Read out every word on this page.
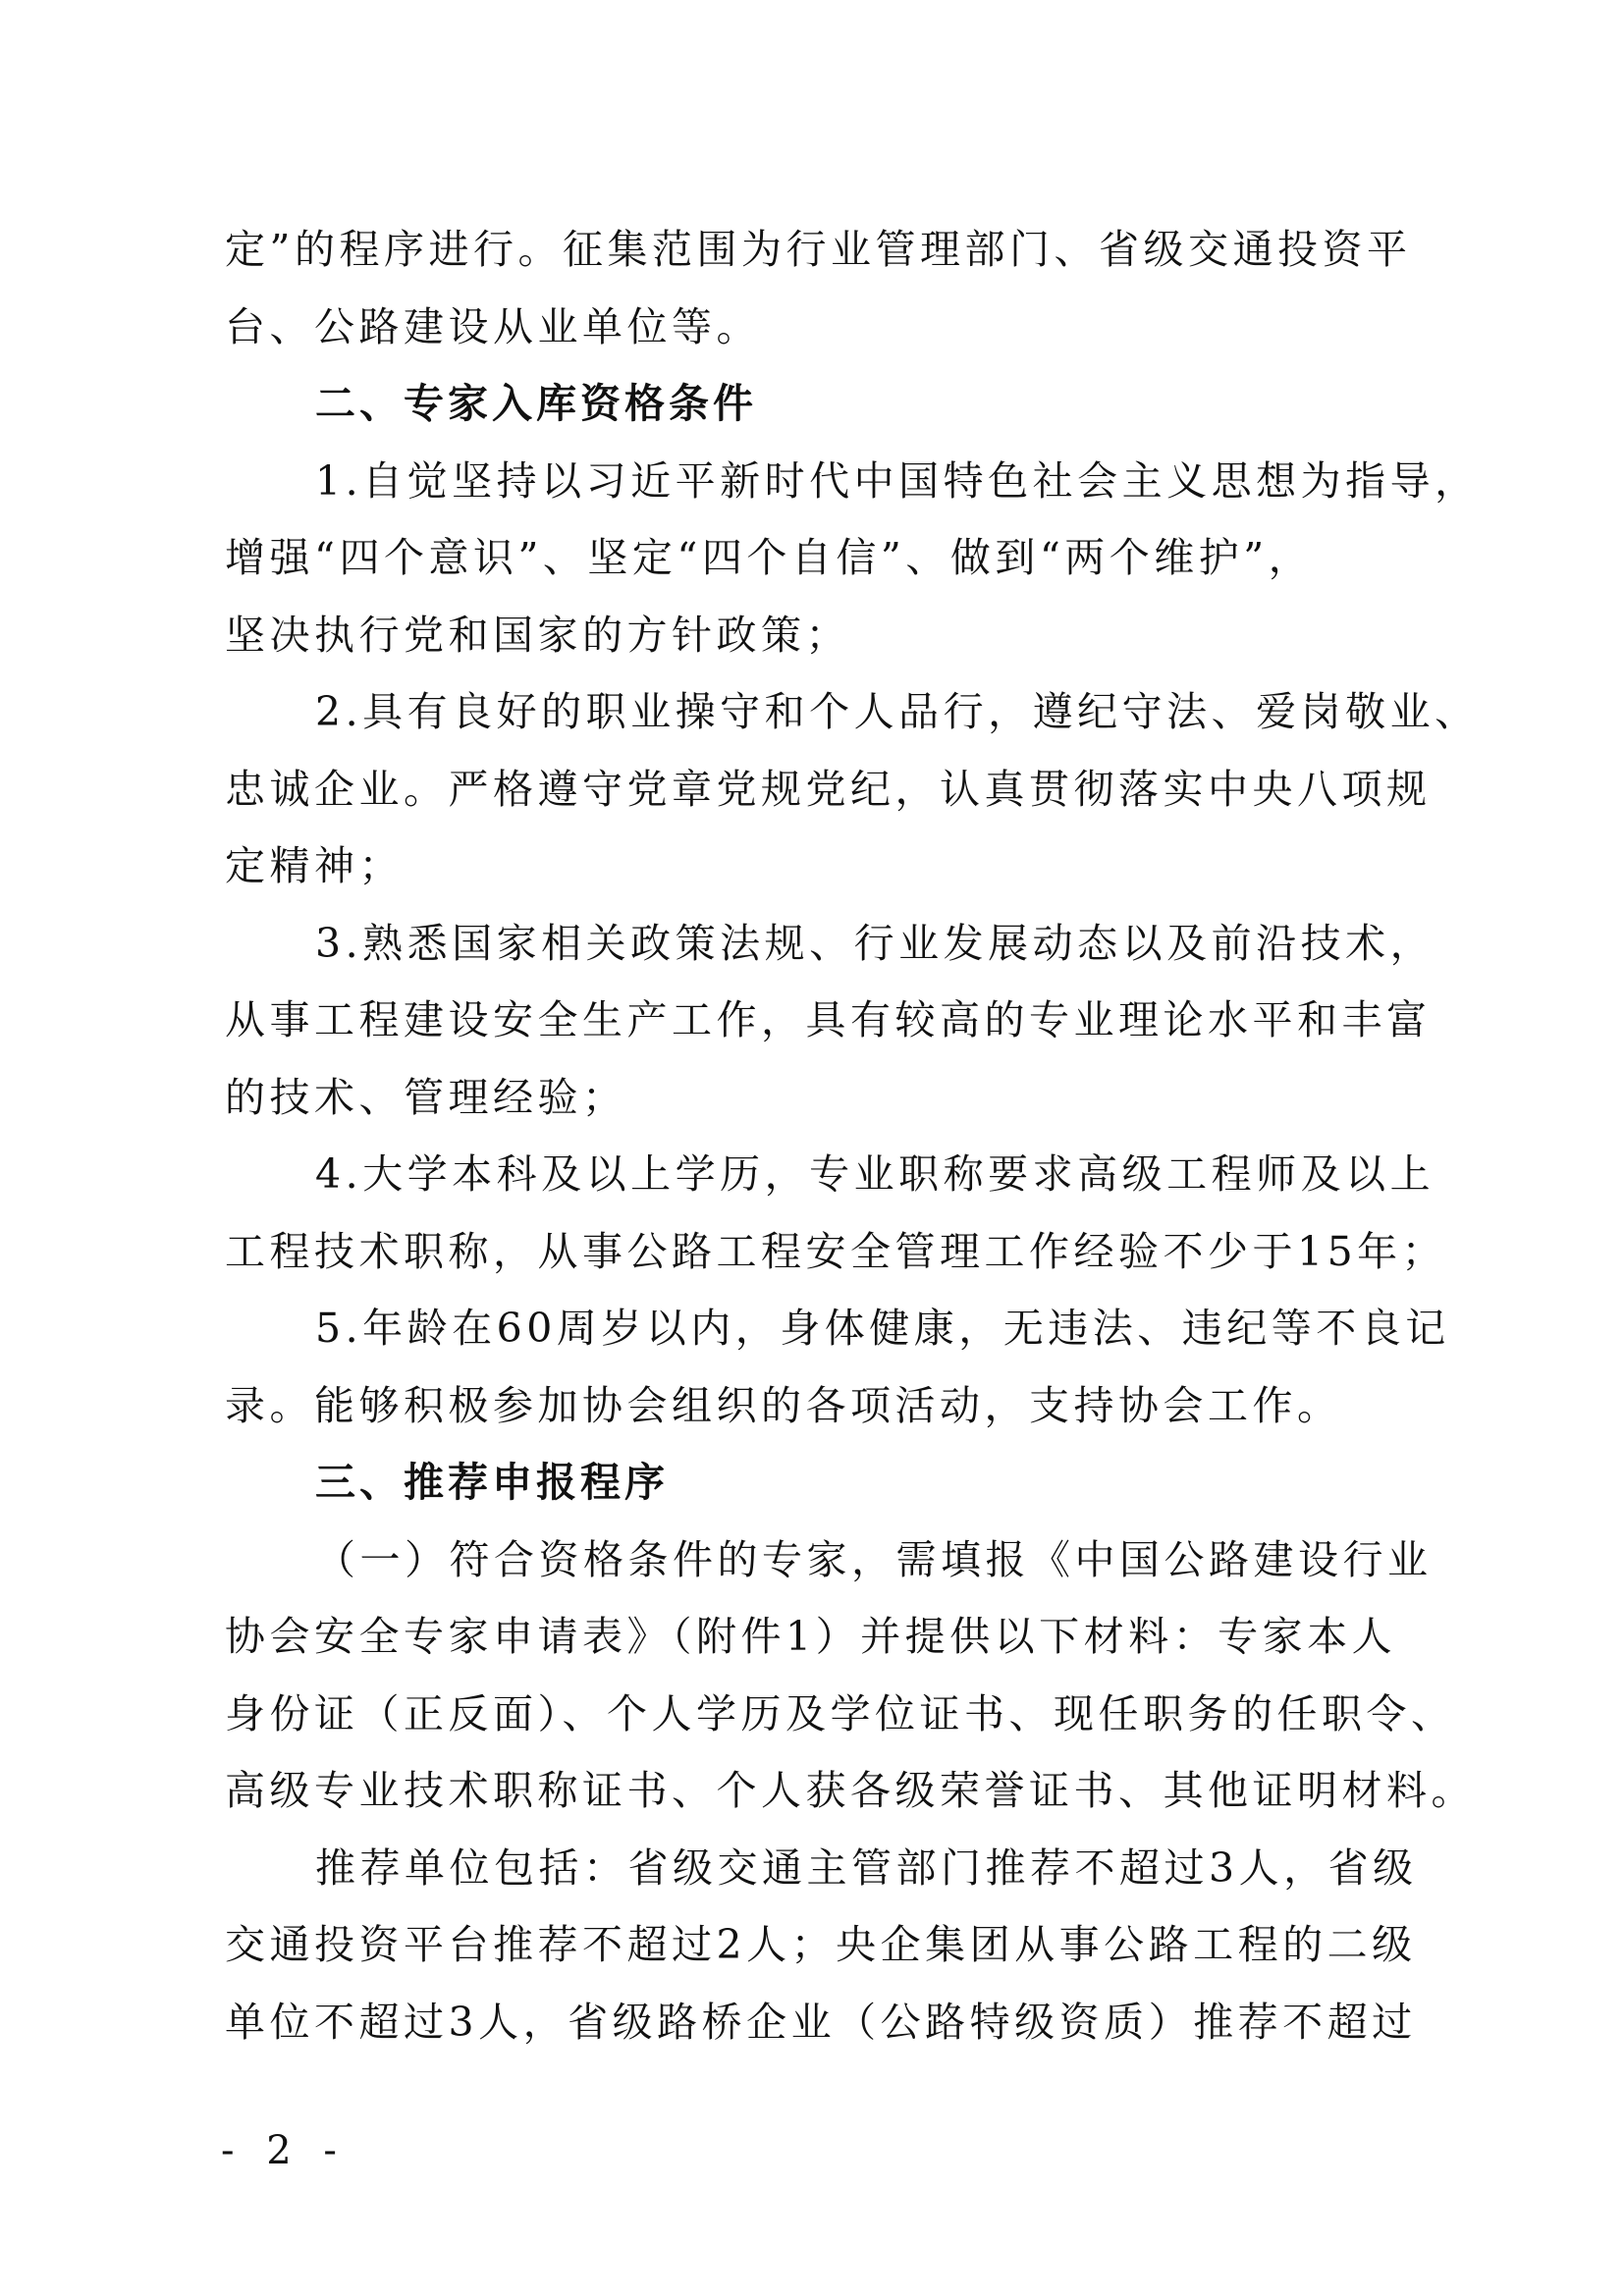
定”的程序进行。征集范围为行业管理部门、省级交通投资平
台、公路建设从业单位等。
二、专家入库资格条件
1.自觉坚持以习近平新时代中国特色社会主义思想为指导，
增强“四个意识”、坚定“四个自信”、做到“两个维护”，
坚决执行党和国家的方针政策；
2.具有良好的职业操守和个人品行，遵纪守法、爱岗敬业、
忠诚企业。严格遵守党章党规党纪，认真贯彻落实中央八项规
定精神；
3.熟悉国家相关政策法规、行业发展动态以及前沿技术，
从事工程建设安全生产工作，具有较高的专业理论水平和丰富
的技术、管理经验；
4.大学本科及以上学历，专业职称要求高级工程师及以上
工程技术职称，从事公路工程安全管理工作经验不少于15年；
5.年龄在60周岁以内，身体健康，无违法、违纪等不良记
录。能够积极参加协会组织的各项活动，支持协会工作。
三、推荐申报程序
（一）符合资格条件的专家，需填报《中国公路建设行业
协会安全专家申请表》（附件1）并提供以下材料：专家本人
身份证（正反面）、个人学历及学位证书、现任职务的任职令、
高级专业技术职称证书、个人获各级荣誉证书、其他证明材料。
推荐单位包括：省级交通主管部门推荐不超过3人，省级
交通投资平台推荐不超过2人；央企集团从事公路工程的二级
单位不超过3人，省级路桥企业（公路特级资质）推荐不超过
- 2 -
